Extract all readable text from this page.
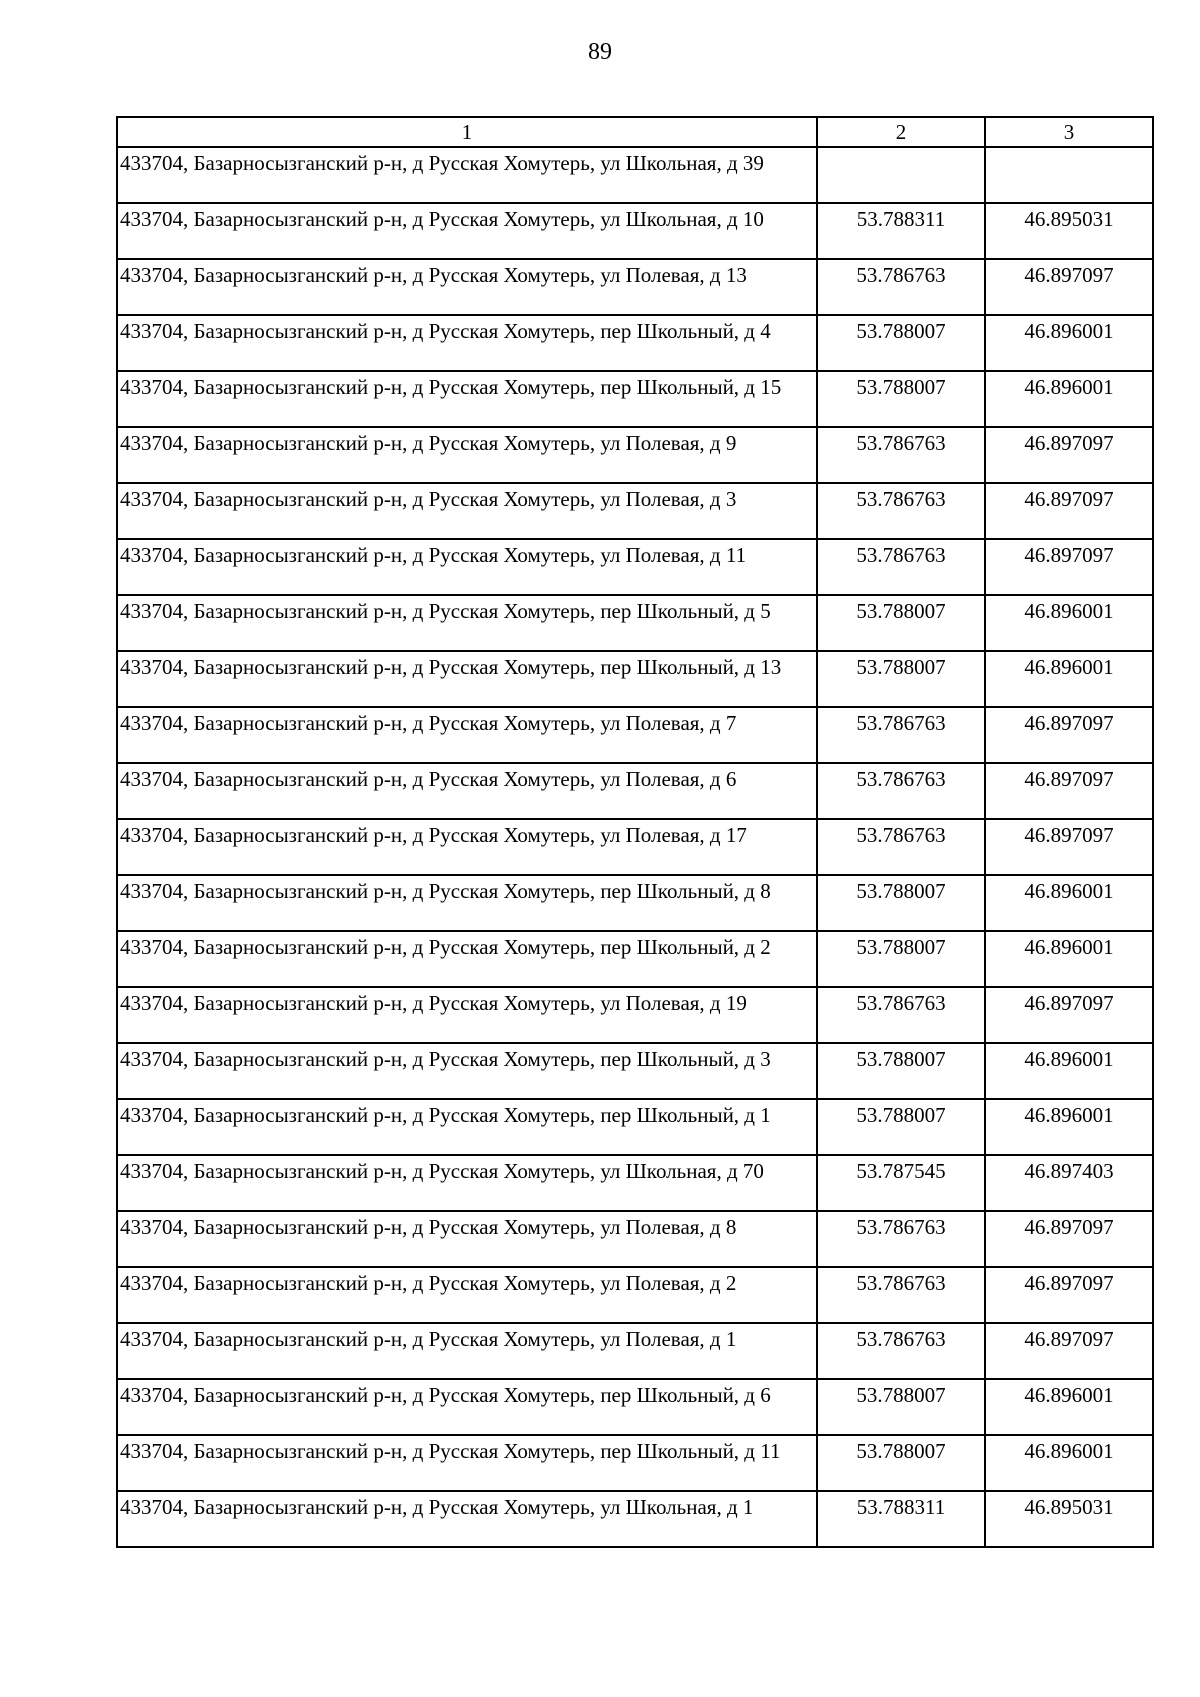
89
1	2	3
433704, Базарносызганский р-н, д Русская Хомутерь, ул Школьная, д 39		
433704, Базарносызганский р-н, д Русская Хомутерь, ул Школьная, д 10	53.788311	46.895031
433704, Базарносызганский р-н, д Русская Хомутерь, ул Полевая, д 13	53.786763	46.897097
433704, Базарносызганский р-н, д Русская Хомутерь, пер Школьный, д 4	53.788007	46.896001
433704, Базарносызганский р-н, д Русская Хомутерь, пер Школьный, д 15	53.788007	46.896001
433704, Базарносызганский р-н, д Русская Хомутерь, ул Полевая, д 9	53.786763	46.897097
433704, Базарносызганский р-н, д Русская Хомутерь, ул Полевая, д 3	53.786763	46.897097
433704, Базарносызганский р-н, д Русская Хомутерь, ул Полевая, д 11	53.786763	46.897097
433704, Базарносызганский р-н, д Русская Хомутерь, пер Школьный, д 5	53.788007	46.896001
433704, Базарносызганский р-н, д Русская Хомутерь, пер Школьный, д 13	53.788007	46.896001
433704, Базарносызганский р-н, д Русская Хомутерь, ул Полевая, д 7	53.786763	46.897097
433704, Базарносызганский р-н, д Русская Хомутерь, ул Полевая, д 6	53.786763	46.897097
433704, Базарносызганский р-н, д Русская Хомутерь, ул Полевая, д 17	53.786763	46.897097
433704, Базарносызганский р-н, д Русская Хомутерь, пер Школьный, д 8	53.788007	46.896001
433704, Базарносызганский р-н, д Русская Хомутерь, пер Школьный, д 2	53.788007	46.896001
433704, Базарносызганский р-н, д Русская Хомутерь, ул Полевая, д 19	53.786763	46.897097
433704, Базарносызганский р-н, д Русская Хомутерь, пер Школьный, д 3	53.788007	46.896001
433704, Базарносызганский р-н, д Русская Хомутерь, пер Школьный, д 1	53.788007	46.896001
433704, Базарносызганский р-н, д Русская Хомутерь, ул Школьная, д 70	53.787545	46.897403
433704, Базарносызганский р-н, д Русская Хомутерь, ул Полевая, д 8	53.786763	46.897097
433704, Базарносызганский р-н, д Русская Хомутерь, ул Полевая, д 2	53.786763	46.897097
433704, Базарносызганский р-н, д Русская Хомутерь, ул Полевая, д 1	53.786763	46.897097
433704, Базарносызганский р-н, д Русская Хомутерь, пер Школьный, д 6	53.788007	46.896001
433704, Базарносызганский р-н, д Русская Хомутерь, пер Школьный, д 11	53.788007	46.896001
433704, Базарносызганский р-н, д Русская Хомутерь, ул Школьная, д 1	53.788311	46.895031
